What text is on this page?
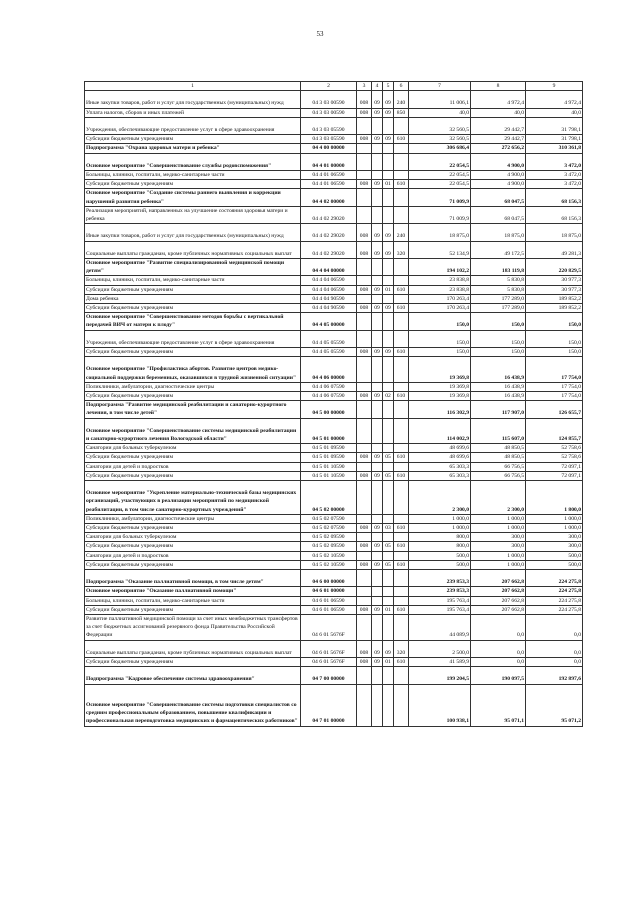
53
1	2	3	4	5	6	7	8	9
Иные закупки товаров, работ и услуг для государственных (муниципальных) нужд	04 3 03 00590	008	09	09	240	11 006,1	4 972,4	4 972,4
Уплата налогов, сборов и иных платежей	04 3 03 00590	008	09	09	850	40,0	40,0	40,0
Учреждения, обеспечивающие предоставление услуг в сфере здравоохранения	04 3 03 05590					32 560,5	29 442,7	31 798,1
Субсидии бюджетным учреждениям	04 3 03 05590	008	09	09	610	32 560,5	29 442,7	31 798,1
Подпрограмма "Охрана здоровья матери и ребенка"	04 4 00 00000					306 686,4	272 656,2	310 361,8
Основное мероприятие "Совершенствование службы родовспоможения"	04 4 01 00000					22 054,5	4 900,0	3 472,0
Больницы, клиники, госпитали, медико-санитарные части	04 4 01 06590					22 054,5	4 900,0	3 472,0
Субсидии бюджетным учреждениям	04 4 01 06590	008	09	01	610	22 054,5	4 900,0	3 472,0
Основное мероприятие "Создание системы раннего выявления и коррекции нарушений развития ребенка"	04 4 02 00000					71 009,9	68 047,5	68 156,3
Реализация мероприятий, направленных на улучшение состояния здоровья матери и ребенка	04 4 02 29020					71 009,9	68 047,5	68 156,3
Иные закупки товаров, работ и услуг для государственных (муниципальных) нужд	04 4 02 29020	008	09	09	240	18 875,0	18 875,0	18 875,0
Социальные выплаты гражданам, кроме публичных нормативных социальных выплат	04 4 02 29020	008	09	09	320	52 134,9	49 172,5	49 281,3
Основное мероприятие "Развитие специализированной медицинской помощи детям"	04 4 04 00000					194 102,2	183 119,8	220 829,5
Больницы, клиники, госпитали, медико-санитарные части	04 4 04 06590					23 838,8	5 830,8	30 977,3
Субсидии бюджетным учреждениям	04 4 04 06590	008	09	01	610	23 838,8	5 830,8	30 977,3
Дома ребенка	04 4 04 90590					170 263,4	177 289,0	189 852,2
Субсидии бюджетным учреждениям	04 4 04 90590	008	09	09	610	170 263,4	177 289,0	189 852,2
Основное мероприятие "Совершенствование методов борьбы с вертикальной передачей ВИЧ от матери к плоду"	04 4 05 00000					150,0	150,0	150,0
Учреждения, обеспечивающие предоставление услуг в сфере здравоохранения	04 4 05 05590					150,0	150,0	150,0
Субсидии бюджетным учреждениям	04 4 05 05590	008	09	09	610	150,0	150,0	150,0
Основное мероприятие "Профилактика абортов. Развитие центров медико-социальной поддержки беременных, оказавшихся в трудной жизненной ситуации"	04 4 06 00000					19 369,8	16 438,9	17 754,0
Поликлиники, амбулатории, диагностические центры	04 4 06 07590					19 369,8	16 438,9	17 754,0
Субсидии бюджетным учреждениям	04 4 06 07590	008	09	02	610	19 369,8	16 438,9	17 754,0
Подпрограмма "Развитие медицинской реабилитации и санаторно-курортного лечения, в том числе детей"	04 5 00 00000					116 302,9	117 907,0	126 655,7
Основное мероприятие "Совершенствование системы медицинской реабилитации и санаторно-курортного лечения Вологодской области"	04 5 01 00000					114 002,9	115 607,0	124 855,7
Санатории для больных туберкулезом	04 5 01 09590					48 699,6	48 850,5	52 758,6
Субсидии бюджетным учреждениям	04 5 01 09590	008	09	05	610	48 699,6	48 850,5	52 758,6
Санатории для детей и подростков	04 5 01 10590					65 303,3	66 756,5	72 097,1
Субсидии бюджетным учреждениям	04 5 01 10590	008	09	05	610	65 303,3	66 756,5	72 097,1
Основное мероприятие "Укрепление материально-технической базы медицинских организаций, участвующих в реализации мероприятий по медицинской реабилитации, в том числе санаторно-курортных учреждений"	04 5 02 00000					2 300,0	2 300,0	1 800,0
Поликлиники, амбулатории, диагностические центры	04 5 02 07590					1 000,0	1 000,0	1 000,0
Субсидии бюджетным учреждениям	04 5 02 07590	008	09	03	610	1 000,0	1 000,0	1 000,0
Санатории для больных туберкулезом	04 5 02 09590					800,0	300,0	300,0
Субсидии бюджетным учреждениям	04 5 02 09590	008	09	05	610	800,0	300,0	300,0
Санатории для детей и подростков	04 5 02 10590					500,0	1 000,0	500,0
Субсидии бюджетным учреждениям	04 5 02 10590	008	09	05	610	500,0	1 000,0	500,0
Подпрограмма "Оказание паллиативной помощи, в том числе детям"	04 6 00 00000					239 853,3	207 662,8	224 275,8
Основное мероприятие "Оказание паллиативной помощи"	04 6 01 00000					239 853,3	207 662,8	224 275,8
Больницы, клиники, госпитали, медико-санитарные части	04 6 01 06590					195 763,4	207 662,8	224 275,8
Субсидии бюджетным учреждениям	04 6 01 06590	008	09	01	610	195 763,4	207 662,8	224 275,8
Развитие паллиативной медицинской помощи за счет иных межбюджетных трансфертов за счет бюджетных ассигнований резервного фонда Правительства Российской Федерации	04 6 01 5676F					44 089,9	0,0	0,0
Социальные выплаты гражданам, кроме публичных нормативных социальных выплат	04 6 01 5676F	008	09	09	320	2 500,0	0,0	0,0
Субсидии бюджетным учреждениям	04 6 01 5676F	008	09	01	610	41 589,9	0,0	0,0
Подпрограмма "Кадровое обеспечение системы здравоохранения"	04 7 00 00000					199 204,5	190 097,5	192 897,6
Основное мероприятие "Совершенствование системы подготовки специалистов со средним профессиональным образованием, повышение квалификации и профессиональная переподготовка медицинских и фармацевтических работников"	04 7 01 00000					100 938,1	95 071,1	95 071,2
